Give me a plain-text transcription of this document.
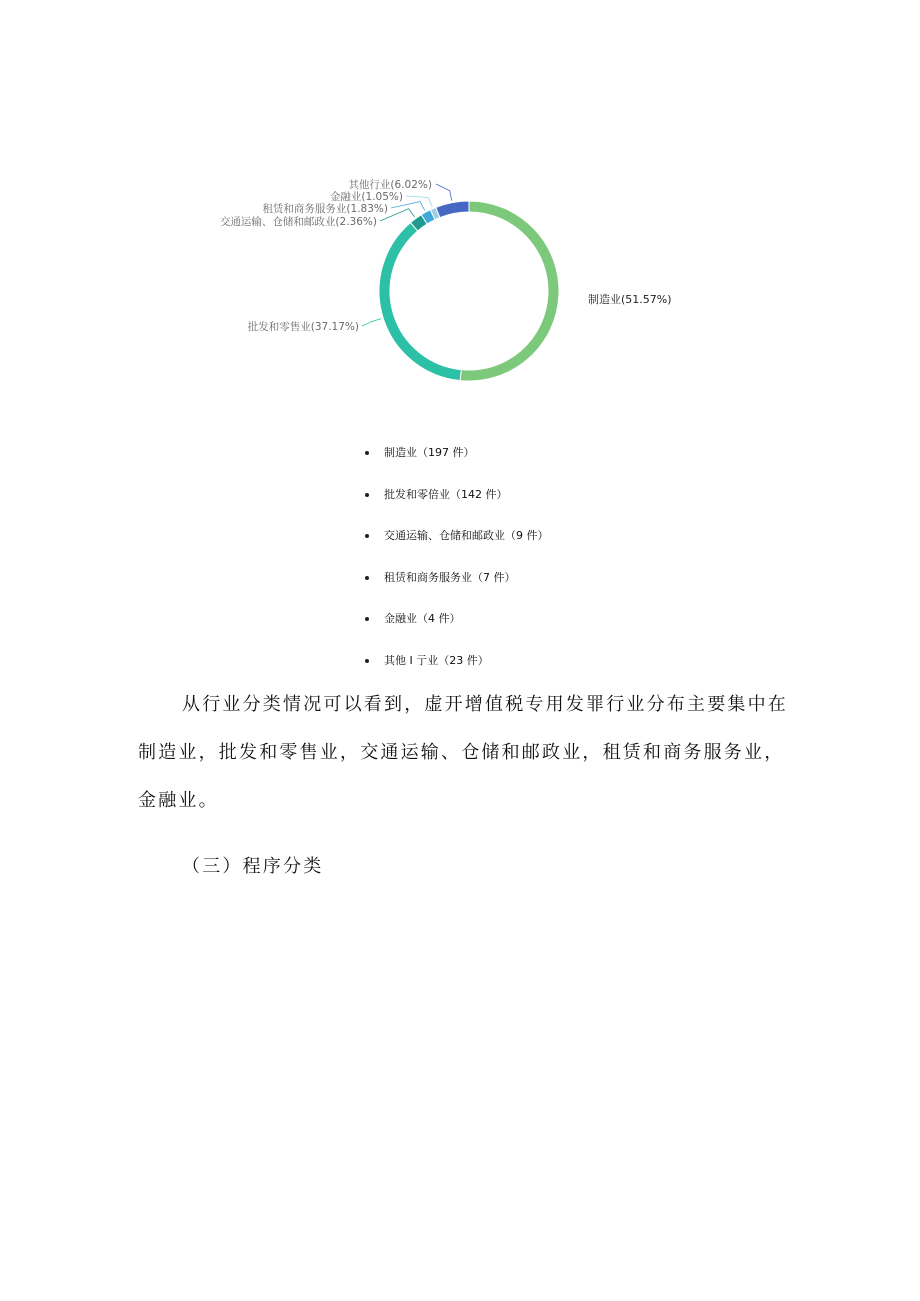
制造业(51.57%)
批发和零售业(37.17%)
交通运输、仓储和邮政业(2.36%)
租赁和商务服务业(1.83%)
金融业(1.05%)
其他行业(6.02%)
制造业（197 件）
批发和零倍业（142 件）
交通运输、仓储和邮政业（9 件）
租赁和商务服务业（7 件）
金融业（4 件）
其他 I 亍业（23 件）

从行业分类情况可以看到，虚开增值税专用发罪行业分布主要集中在制造业，批发和零售业，交通运输、仓储和邮政业，租赁和商务服务业，金融业。

（三）程序分类
